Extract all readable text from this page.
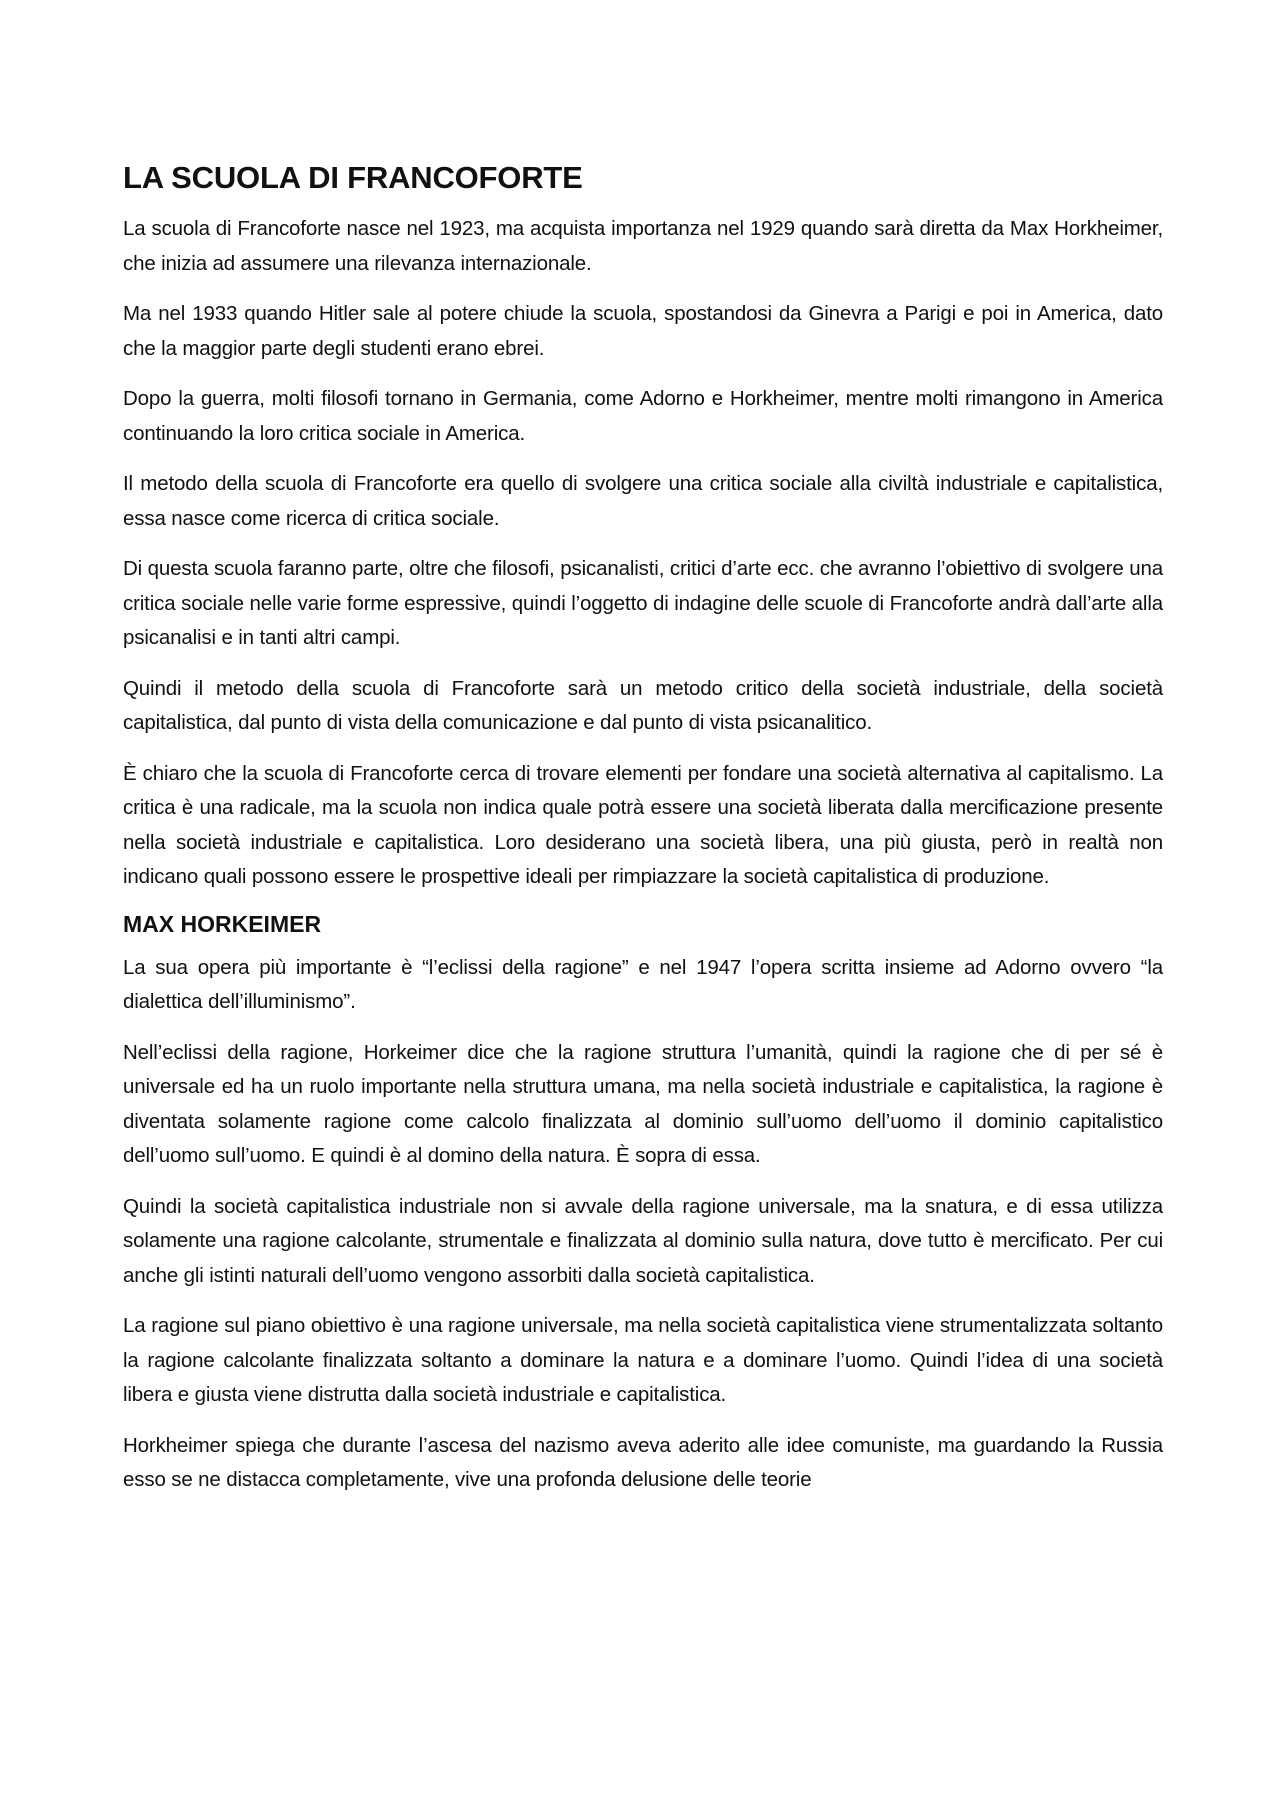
LA SCUOLA DI FRANCOFORTE

La scuola di Francoforte nasce nel 1923, ma acquista importanza nel 1929 quando sarà diretta da Max Horkheimer, che inizia ad assumere una rilevanza internazionale.

Ma nel 1933 quando Hitler sale al potere chiude la scuola, spostandosi da Ginevra a Parigi e poi in America, dato che la maggior parte degli studenti erano ebrei.

Dopo la guerra, molti filosofi tornano in Germania, come Adorno e Horkheimer, mentre molti rimangono in America continuando la loro critica sociale in America.

Il metodo della scuola di Francoforte era quello di svolgere una critica sociale alla civiltà industriale e capitalistica, essa nasce come ricerca di critica sociale.

Di questa scuola faranno parte, oltre che filosofi, psicanalisti, critici d’arte ecc. che avranno l’obiettivo di svolgere una critica sociale nelle varie forme espressive, quindi l’oggetto di indagine delle scuole di Francoforte andrà dall’arte alla psicanalisi e in tanti altri campi.

Quindi il metodo della scuola di Francoforte sarà un metodo critico della società industriale, della società capitalistica, dal punto di vista della comunicazione e dal punto di vista psicanalitico.

È chiaro che la scuola di Francoforte cerca di trovare elementi per fondare una società alternativa al capitalismo. La critica è una radicale, ma la scuola non indica quale potrà essere una società liberata dalla mercificazione presente nella società industriale e capitalistica. Loro desiderano una società libera, una più giusta, però in realtà non indicano quali possono essere le prospettive ideali per rimpiazzare la società capitalistica di produzione.

MAX HORKEIMER

La sua opera più importante è “l’eclissi della ragione” e nel 1947 l’opera scritta insieme ad Adorno ovvero “la dialettica dell’illuminismo”.

Nell’eclissi della ragione, Horkeimer dice che la ragione struttura l’umanità, quindi la ragione che di per sé è universale ed ha un ruolo importante nella struttura umana, ma nella società industriale e capitalistica, la ragione è diventata solamente ragione come calcolo finalizzata al dominio sull’uomo dell’uomo il dominio capitalistico dell’uomo sull’uomo. E quindi è al domino della natura. È sopra di essa.

Quindi la società capitalistica industriale non si avvale della ragione universale, ma la snatura, e di essa utilizza solamente una ragione calcolante, strumentale e finalizzata al dominio sulla natura, dove tutto è mercificato. Per cui anche gli istinti naturali dell’uomo vengono assorbiti dalla società capitalistica.

La ragione sul piano obiettivo è una ragione universale, ma nella società capitalistica viene strumentalizzata soltanto la ragione calcolante finalizzata soltanto a dominare la natura e a dominare l’uomo. Quindi l’idea di una società libera e giusta viene distrutta dalla società industriale e capitalistica.

Horkheimer spiega che durante l’ascesa del nazismo aveva aderito alle idee comuniste, ma guardando la Russia esso se ne distacca completamente, vive una profonda delusione delle teorie
